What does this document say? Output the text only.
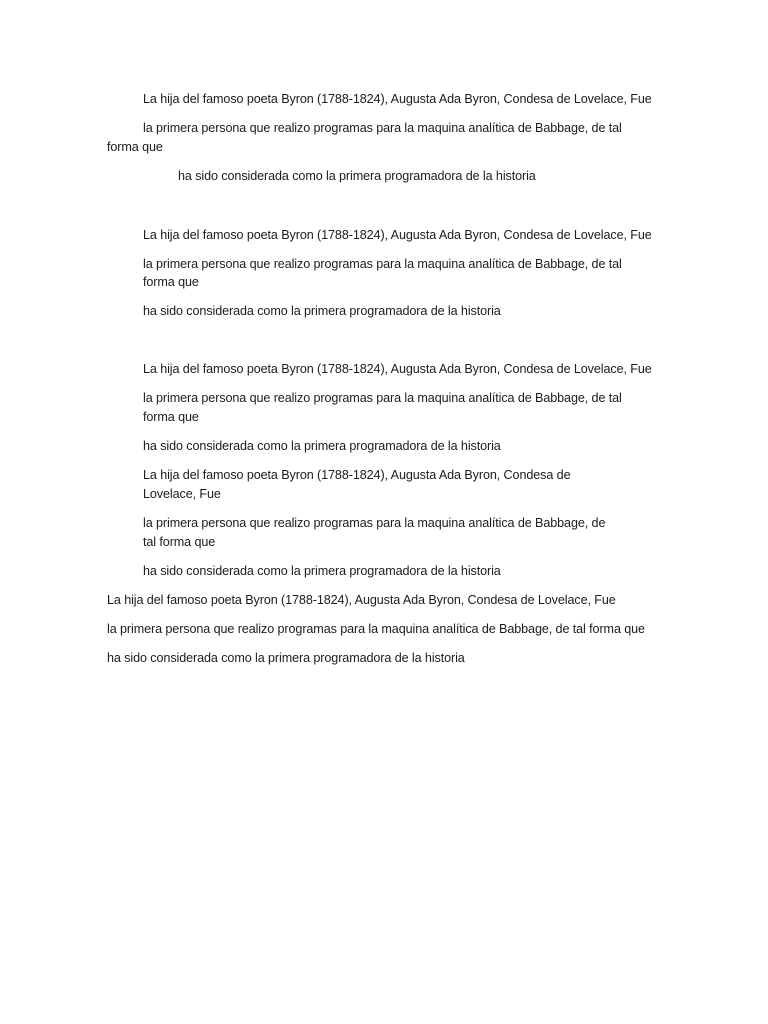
La hija del famoso poeta Byron (1788-1824), Augusta Ada Byron, Condesa de Lovelace, Fue
la primera persona que realizo programas para la maquina analítica de Babbage, de tal
forma que
ha sido considerada como la primera programadora de la historia
La hija del famoso poeta Byron (1788-1824), Augusta Ada Byron, Condesa de Lovelace, Fue
la primera persona que realizo programas para la maquina analítica de Babbage, de tal
forma que
ha sido considerada como la primera programadora de la historia
La hija del famoso poeta Byron (1788-1824), Augusta Ada Byron, Condesa de Lovelace, Fue
la primera persona que realizo programas para la maquina analítica de Babbage, de tal
forma que
ha sido considerada como la primera programadora de la historia
La hija del famoso poeta Byron (1788-1824), Augusta Ada Byron, Condesa de
Lovelace, Fue
la primera persona que realizo programas para la maquina analítica de Babbage, de
tal forma que
ha sido considerada como la primera programadora de la historia
La hija del famoso poeta Byron (1788-1824), Augusta Ada Byron, Condesa de Lovelace, Fue
la primera persona que realizo programas para la maquina analítica de Babbage, de tal forma que
ha sido considerada como la primera programadora de la historia
